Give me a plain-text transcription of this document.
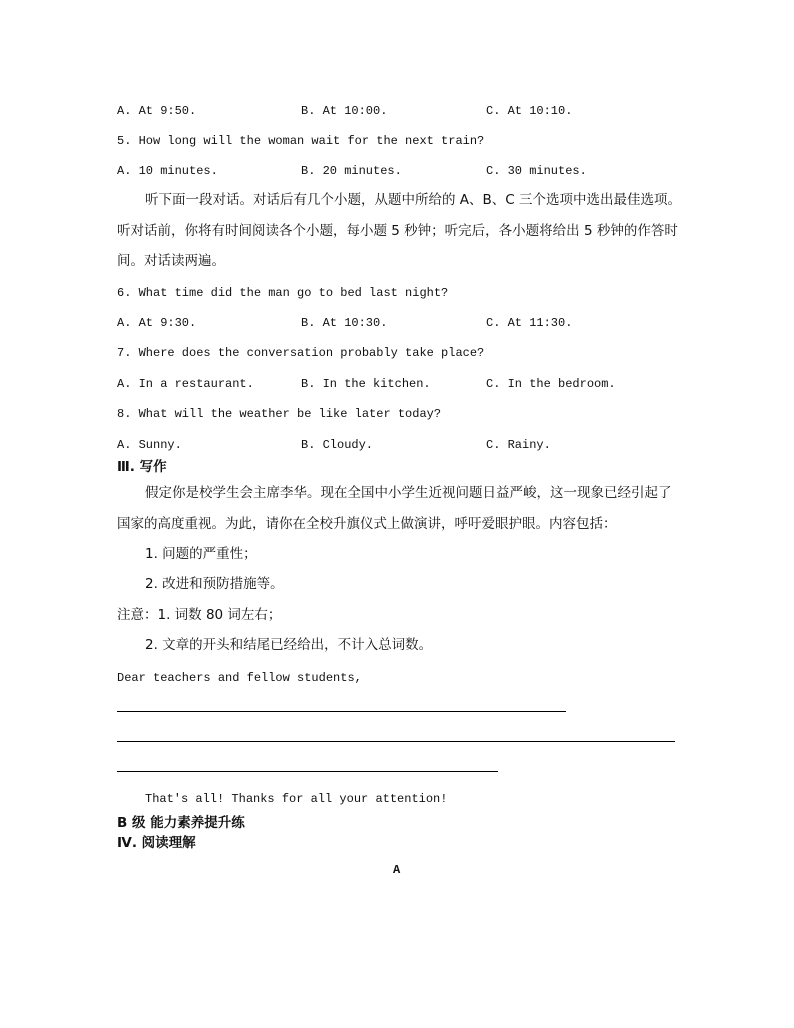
A. At 9:50.	B. At 10:00.	C. At 10:10.
5. How long will the woman wait for the next train?
A. 10 minutes.	B. 20 minutes.	C. 30 minutes.
听下面一段对话。对话后有几个小题，从题中所给的 A、B、C 三个选项中选出最佳选项。
听对话前，你将有时间阅读各个小题，每小题 5 秒钟；听完后，各小题将给出 5 秒钟的作答时
间。对话读两遍。
6. What time did the man go to bed last night?
A. At 9:30.	B. At 10:30.	C. At 11:30.
7. Where does the conversation probably take place?
A. In a restaurant.	B. In the kitchen.	C. In the bedroom.
8. What will the weather be like later today?
A. Sunny.	B. Cloudy.	C. Rainy.
Ⅲ. 写作
假定你是校学生会主席李华。现在全国中小学生近视问题日益严峻，这一现象已经引起了
国家的高度重视。为此，请你在全校升旗仪式上做演讲，呼吁爱眼护眼。内容包括：
1. 问题的严重性；
2. 改进和预防措施等。
注意：1. 词数 80 词左右；
2. 文章的开头和结尾已经给出，不计入总词数。
Dear teachers and fellow students,
That's all! Thanks for all your attention!
B 级 能力素养提升练
Ⅳ. 阅读理解
A
